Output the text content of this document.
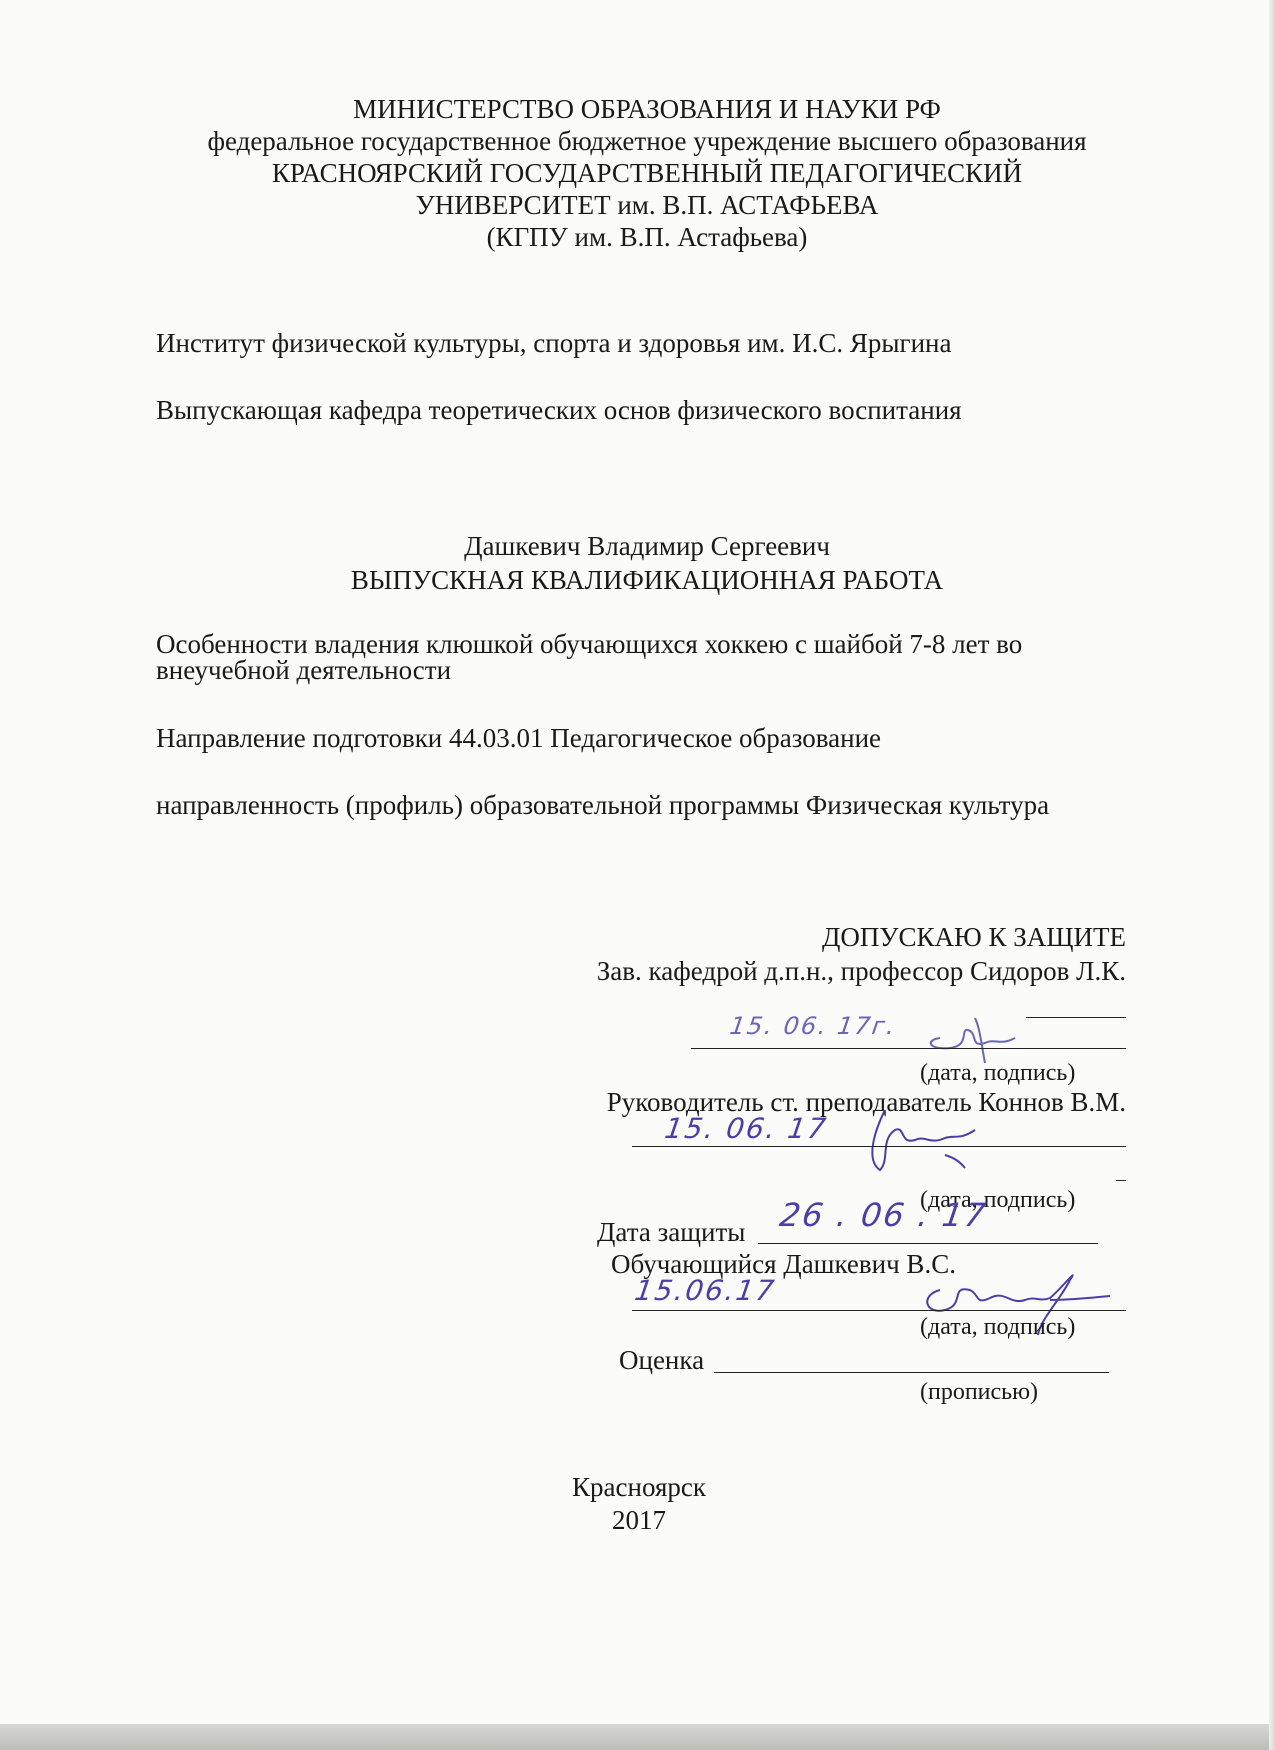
МИНИСТЕРСТВО ОБРАЗОВАНИЯ И НАУКИ РФ
федеральное государственное бюджетное учреждение высшего образования
КРАСНОЯРСКИЙ ГОСУДАРСТВЕННЫЙ ПЕДАГОГИЧЕСКИЙ
УНИВЕРСИТЕТ им. В.П. АСТАФЬЕВА
(КГПУ им. В.П. Астафьева)
Институт физической культуры, спорта и здоровья им. И.С. Ярыгина
Выпускающая кафедра теоретических основ физического воспитания
Дашкевич Владимир Сергеевич
ВЫПУСКНАЯ КВАЛИФИКАЦИОННАЯ РАБОТА
Особенности владения клюшкой обучающихся хоккею с шайбой 7-8 лет во
внеучебной деятельности
Направление подготовки 44.03.01 Педагогическое образование
направленность (профиль) образовательной программы Физическая культура
ДОПУСКАЮ К ЗАЩИТЕ
Зав. кафедрой д.п.н., профессор Сидоров Л.К.
15. 06. 17г.
(дата, подпись)
Руководитель ст. преподаватель Коннов В.М.
15. 06. 17
(дата, подпись)
Дата защиты 26 . 06 . 17
Обучающийся Дашкевич В.С.
15.06.17
(дата, подпись)
Оценка
(прописью)
Красноярск
2017
